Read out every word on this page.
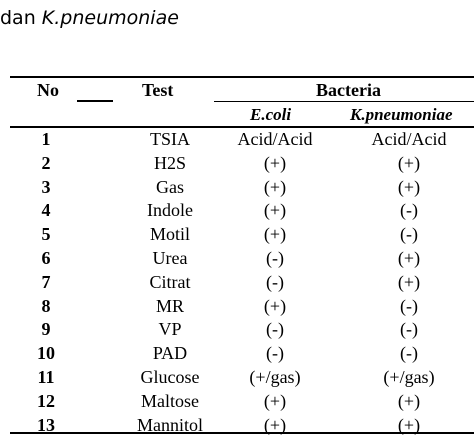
dan K.pneumoniae
No	Test	Bacteria
E.coli	K.pneumoniae
1	TSIA	Acid/Acid	Acid/Acid
2	H2S	(+)	(+)
3	Gas	(+)	(+)
4	Indole	(+)	(-)
5	Motil	(+)	(-)
6	Urea	(-)	(+)
7	Citrat	(-)	(+)
8	MR	(+)	(-)
9	VP	(-)	(-)
10	PAD	(-)	(-)
11	Glucose	(+/gas)	(+/gas)
12	Maltose	(+)	(+)
13	Mannitol	(+)	(+)
